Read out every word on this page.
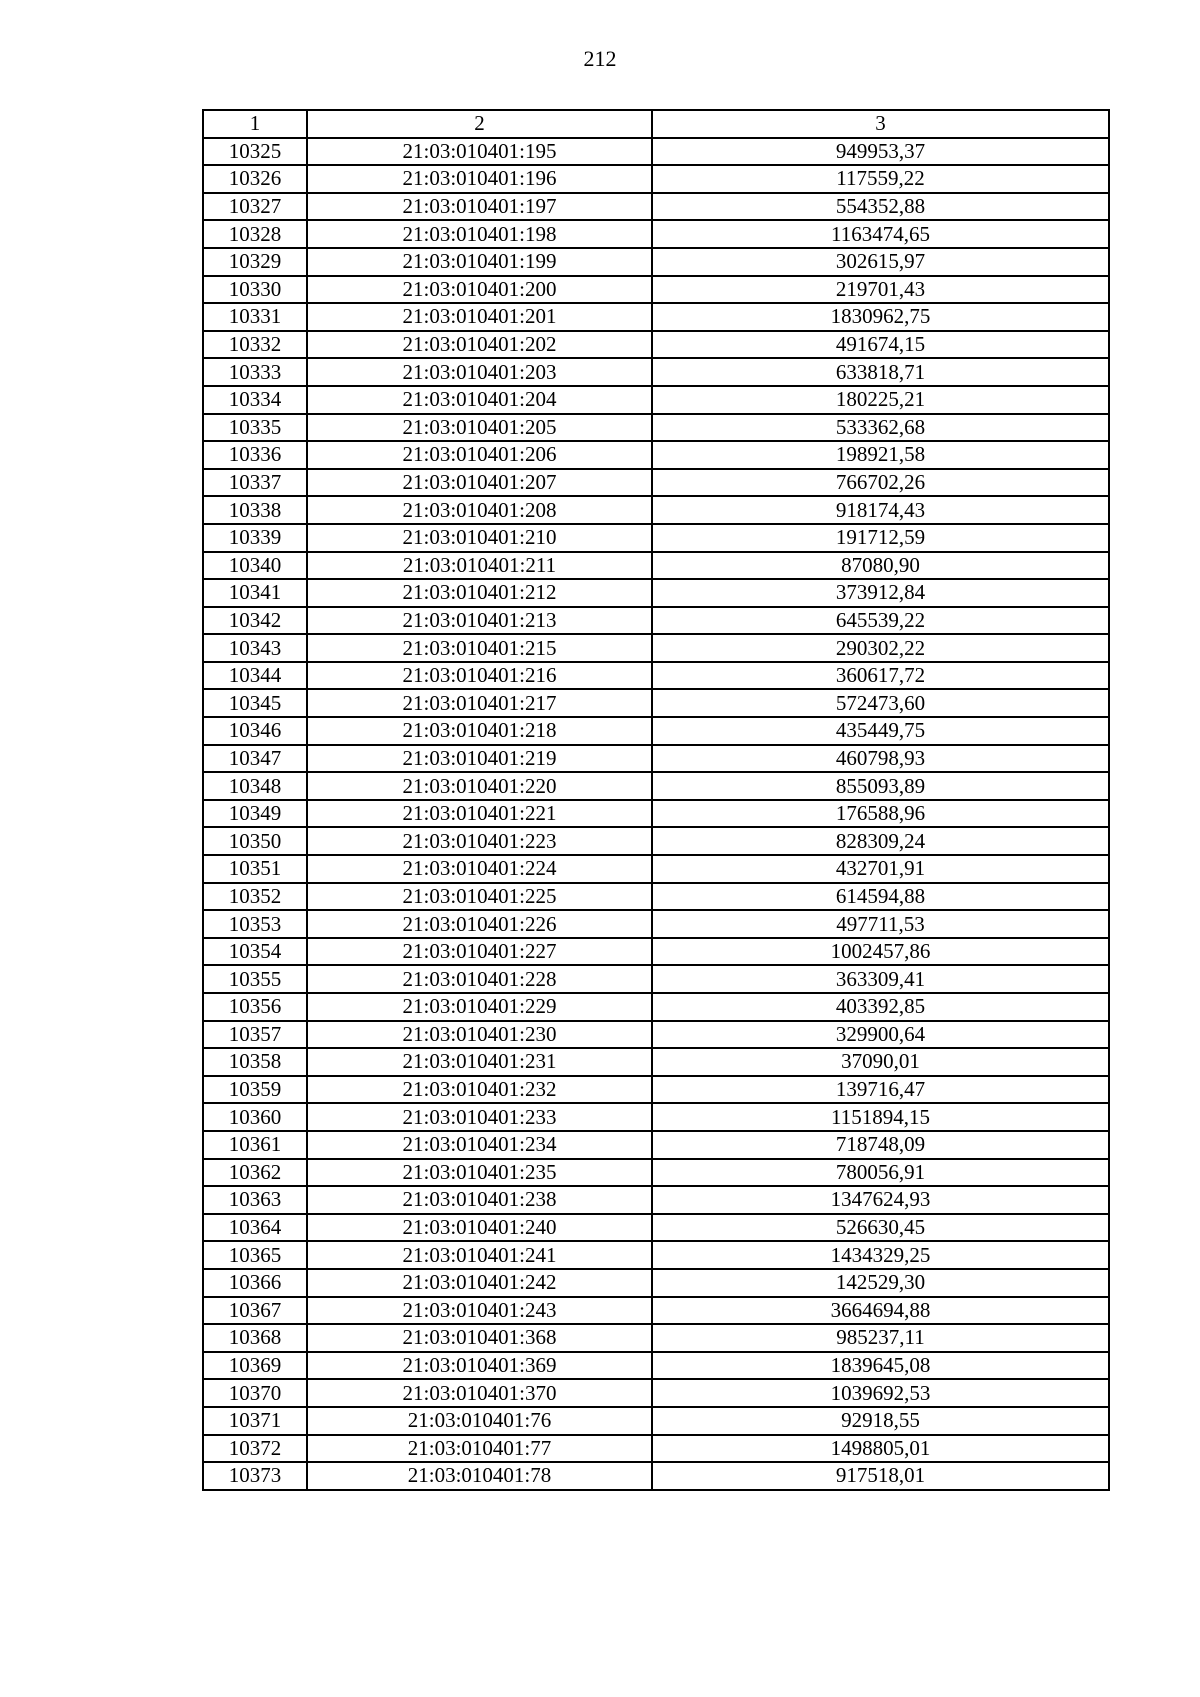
212
1	2	3
10325	21:03:010401:195	949953,37
10326	21:03:010401:196	117559,22
10327	21:03:010401:197	554352,88
10328	21:03:010401:198	1163474,65
10329	21:03:010401:199	302615,97
10330	21:03:010401:200	219701,43
10331	21:03:010401:201	1830962,75
10332	21:03:010401:202	491674,15
10333	21:03:010401:203	633818,71
10334	21:03:010401:204	180225,21
10335	21:03:010401:205	533362,68
10336	21:03:010401:206	198921,58
10337	21:03:010401:207	766702,26
10338	21:03:010401:208	918174,43
10339	21:03:010401:210	191712,59
10340	21:03:010401:211	87080,90
10341	21:03:010401:212	373912,84
10342	21:03:010401:213	645539,22
10343	21:03:010401:215	290302,22
10344	21:03:010401:216	360617,72
10345	21:03:010401:217	572473,60
10346	21:03:010401:218	435449,75
10347	21:03:010401:219	460798,93
10348	21:03:010401:220	855093,89
10349	21:03:010401:221	176588,96
10350	21:03:010401:223	828309,24
10351	21:03:010401:224	432701,91
10352	21:03:010401:225	614594,88
10353	21:03:010401:226	497711,53
10354	21:03:010401:227	1002457,86
10355	21:03:010401:228	363309,41
10356	21:03:010401:229	403392,85
10357	21:03:010401:230	329900,64
10358	21:03:010401:231	37090,01
10359	21:03:010401:232	139716,47
10360	21:03:010401:233	1151894,15
10361	21:03:010401:234	718748,09
10362	21:03:010401:235	780056,91
10363	21:03:010401:238	1347624,93
10364	21:03:010401:240	526630,45
10365	21:03:010401:241	1434329,25
10366	21:03:010401:242	142529,30
10367	21:03:010401:243	3664694,88
10368	21:03:010401:368	985237,11
10369	21:03:010401:369	1839645,08
10370	21:03:010401:370	1039692,53
10371	21:03:010401:76	92918,55
10372	21:03:010401:77	1498805,01
10373	21:03:010401:78	917518,01
